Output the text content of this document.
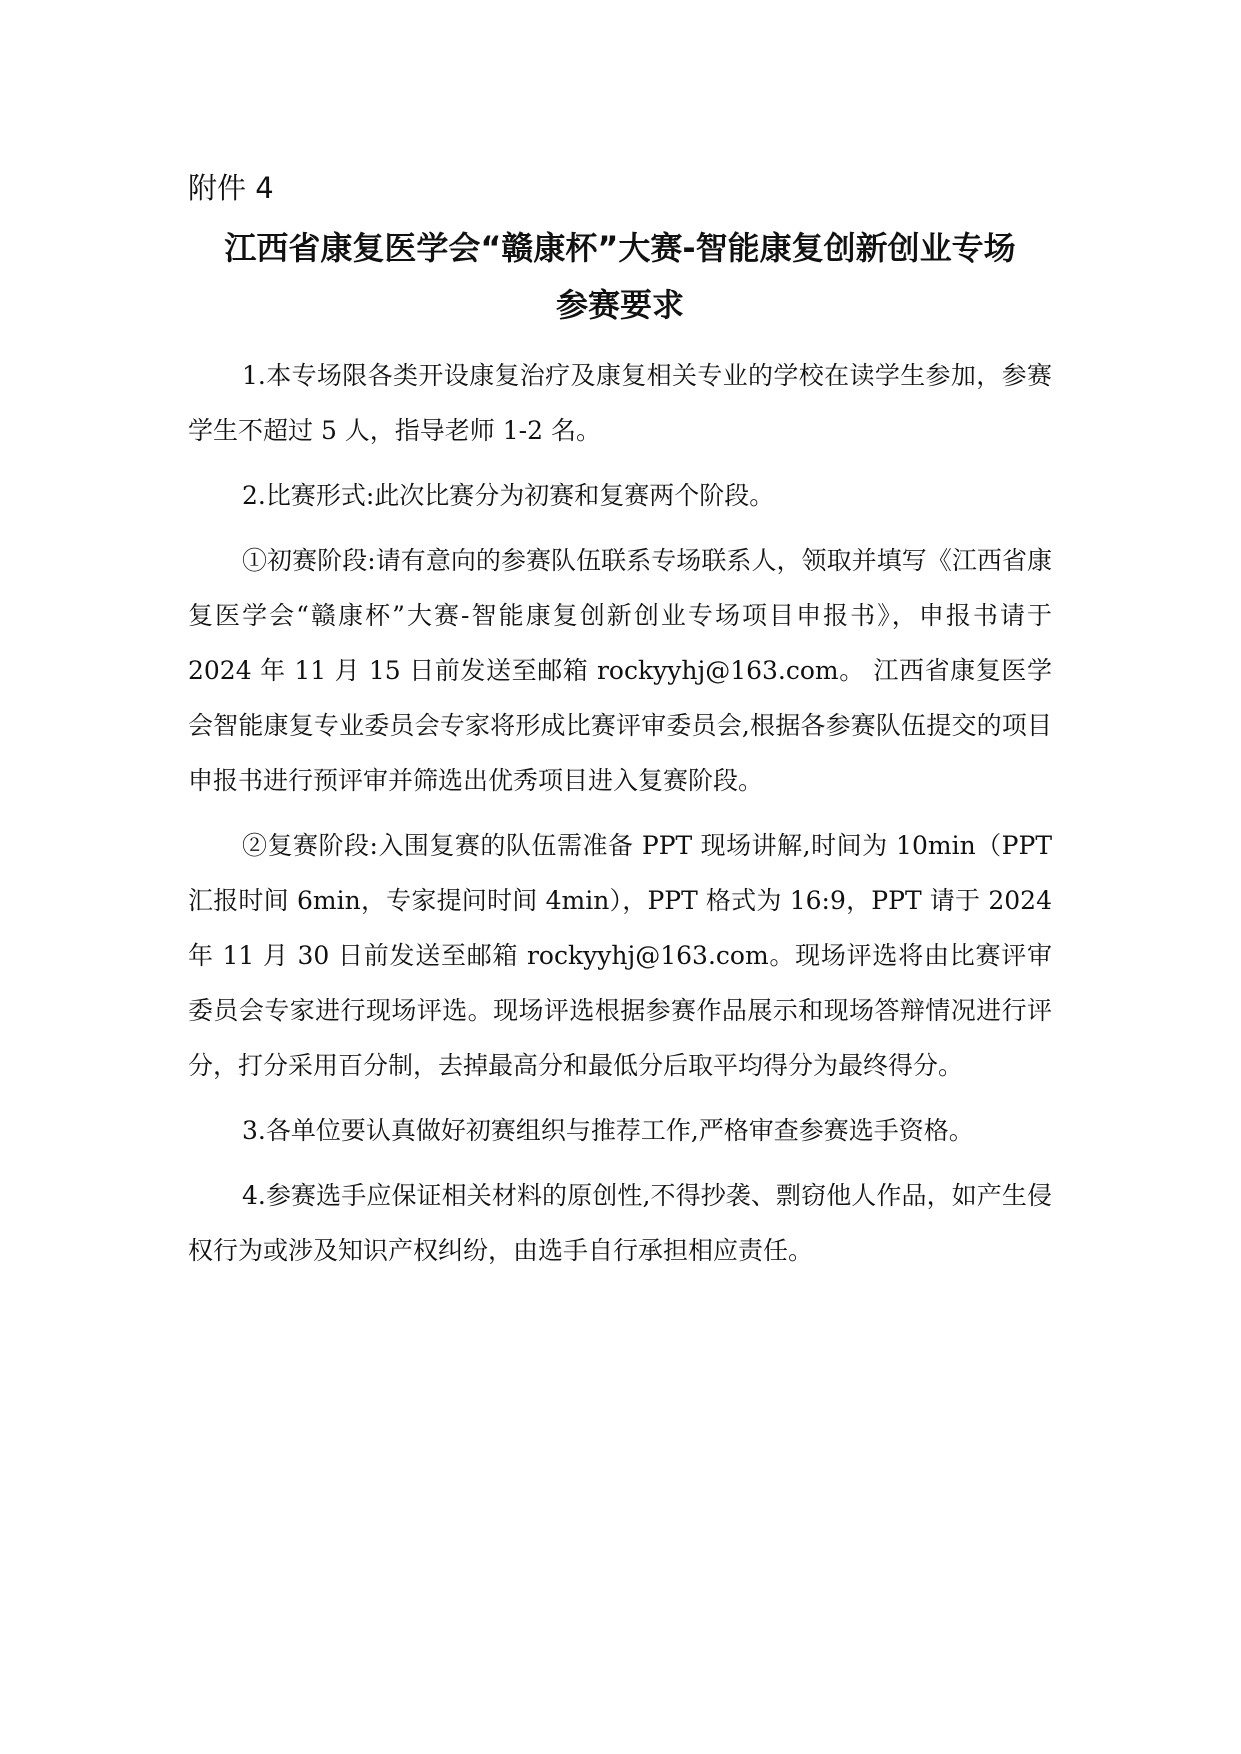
附件 4
江西省康复医学会“赣康杯”大赛-智能康复创新创业专场
参赛要求

1.本专场限各类开设康复治疗及康复相关专业的学校在读学生参加，参赛学生不超过 5 人，指导老师 1-2 名。

2.比赛形式:此次比赛分为初赛和复赛两个阶段。

①初赛阶段:请有意向的参赛队伍联系专场联系人，领取并填写《江西省康复医学会“赣康杯”大赛-智能康复创新创业专场项目申报书》，申报书请于 2024 年 11 月 15 日前发送至邮箱 rockyyhj@163.com。 江西省康复医学会智能康复专业委员会专家将形成比赛评审委员会,根据各参赛队伍提交的项目申报书进行预评审并筛选出优秀项目进入复赛阶段。

②复赛阶段:入围复赛的队伍需准备 PPT 现场讲解,时间为 10min（PPT 汇报时间 6min，专家提问时间 4min），PPT 格式为 16:9，PPT 请于 2024 年 11 月 30 日前发送至邮箱 rockyyhj@163.com。现场评选将由比赛评审委员会专家进行现场评选。现场评选根据参赛作品展示和现场答辩情况进行评分，打分采用百分制，去掉最高分和最低分后取平均得分为最终得分。

3.各单位要认真做好初赛组织与推荐工作,严格审查参赛选手资格。

4.参赛选手应保证相关材料的原创性,不得抄袭、剽窃他人作品，如产生侵权行为或涉及知识产权纠纷，由选手自行承担相应责任。
